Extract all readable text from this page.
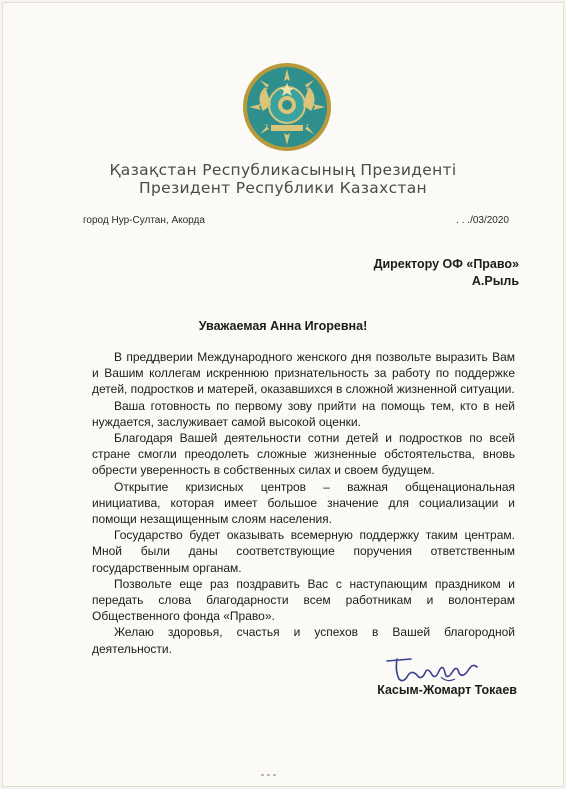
Қазақстан Республикасының Президенті
Президент Республики Казахстан
город Нур-Султан, Акорда	. . ./03/2020
Директору ОФ «Право»
А.Рыль
Уважаемая Анна Игоревна!

В преддверии Международного женского дня позвольте выразить Вам и Вашим коллегам искреннюю признательность за работу по поддержке детей, подростков и матерей, оказавшихся в сложной жизненной ситуации.

Ваша готовность по первому зову прийти на помощь тем, кто в ней нуждается, заслуживает самой высокой оценки.

Благодаря Вашей деятельности сотни детей и подростков по всей стране смогли преодолеть сложные жизненные обстоятельства, вновь обрести уверенность в собственных силах и своем будущем.

Открытие кризисных центров – важная общенациональная инициатива, которая имеет большое значение для социализации и помощи незащищенным слоям населения.

Государство будет оказывать всемерную поддержку таким центрам. Мной были даны соответствующие поручения ответственным государственным органам.

Позвольте еще раз поздравить Вас с наступающим праздником и передать слова благодарности всем работникам и волонтерам Общественного фонда «Право».

Желаю здоровья, счастья и успехов в Вашей благородной деятельности.

Касым-Жомарт Токаев
